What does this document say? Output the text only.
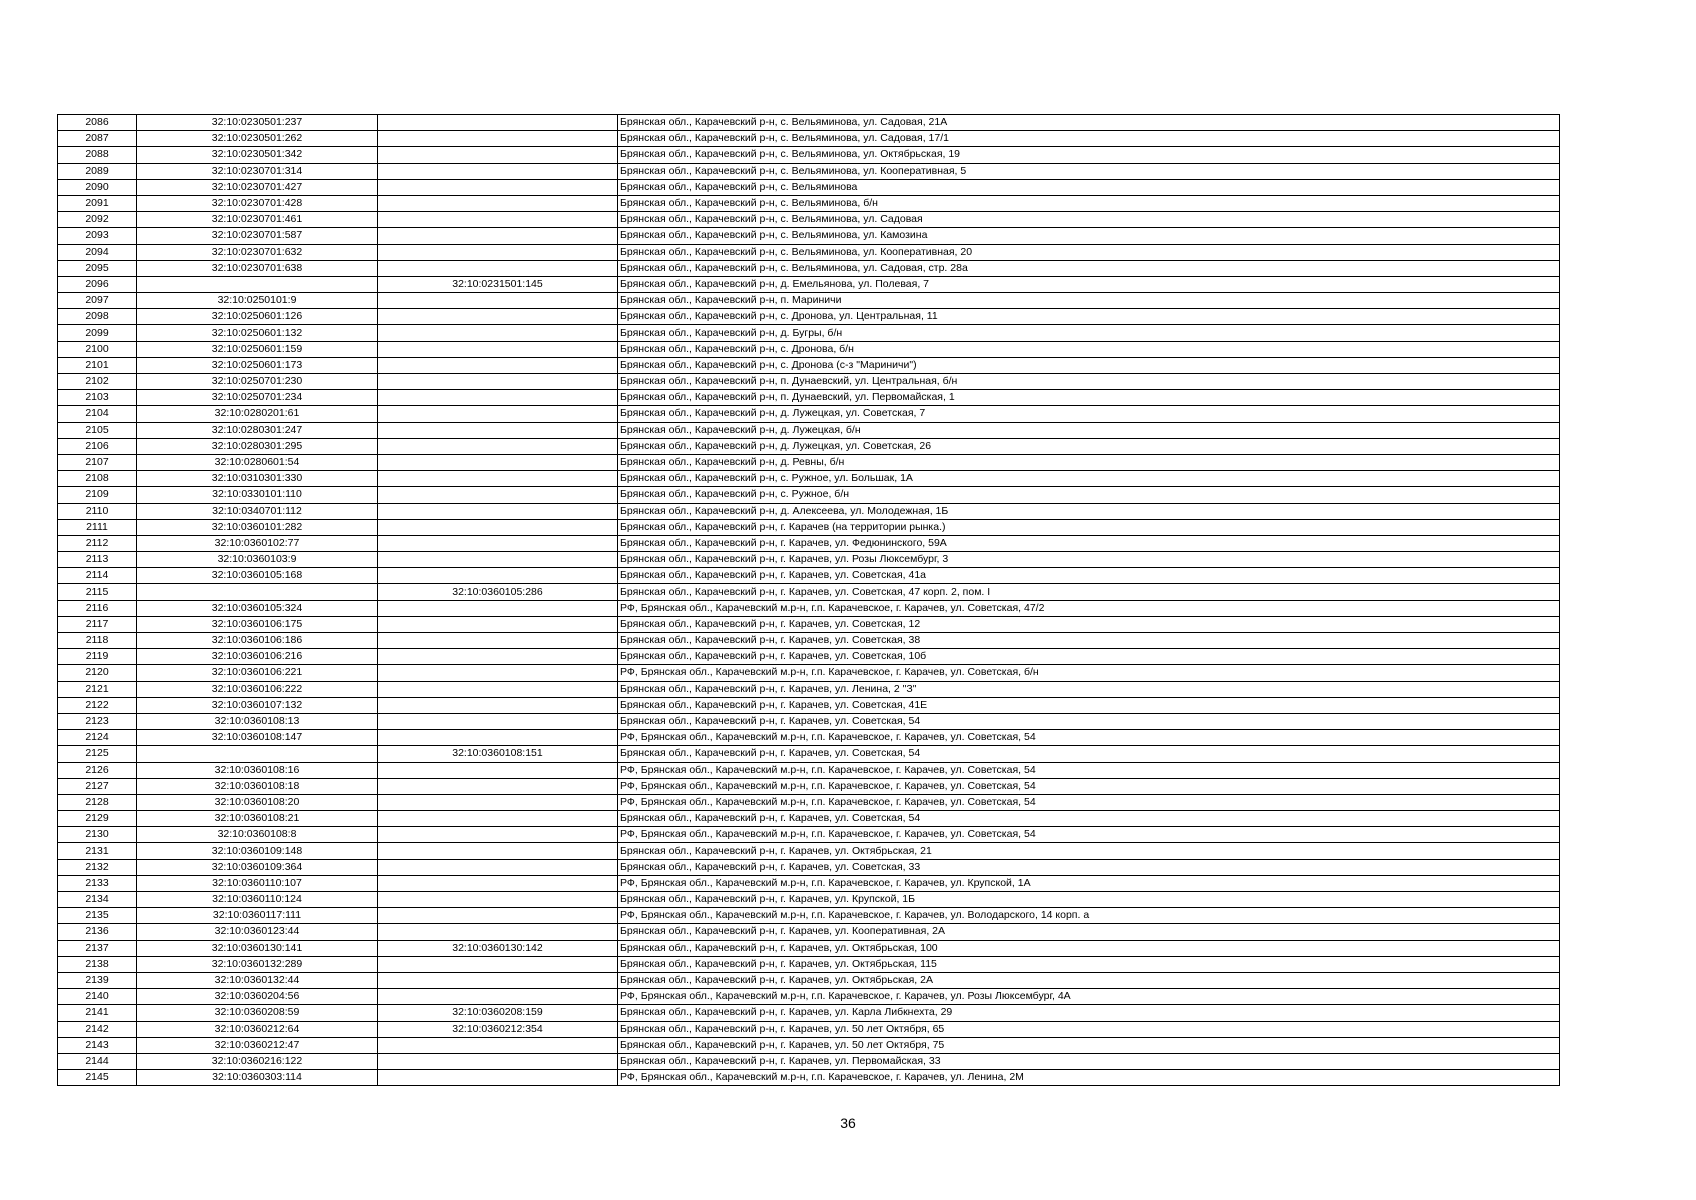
2086	32:10:0230501:237		Брянская обл., Карачевский р-н, с. Вельяминова, ул. Садовая, 21А
2087	32:10:0230501:262		Брянская обл., Карачевский р-н, с. Вельяминова, ул. Садовая, 17/1
2088	32:10:0230501:342		Брянская обл., Карачевский р-н, с. Вельяминова, ул. Октябрьская, 19
2089	32:10:0230701:314		Брянская обл., Карачевский р-н, с. Вельяминова, ул. Кооперативная, 5
2090	32:10:0230701:427		Брянская обл., Карачевский р-н, с. Вельяминова
2091	32:10:0230701:428		Брянская обл., Карачевский р-н, с. Вельяминова, б/н
2092	32:10:0230701:461		Брянская обл., Карачевский р-н, с. Вельяминова, ул. Садовая
2093	32:10:0230701:587		Брянская обл., Карачевский р-н, с. Вельяминова, ул. Камозина
2094	32:10:0230701:632		Брянская обл., Карачевский р-н, с. Вельяминова, ул. Кооперативная, 20
2095	32:10:0230701:638		Брянская обл., Карачевский р-н, с. Вельяминова, ул. Садовая, стр. 28а
2096		32:10:0231501:145	Брянская обл., Карачевский р-н, д. Емельянова, ул. Полевая, 7
2097	32:10:0250101:9		Брянская обл., Карачевский р-н, п. Мариничи
2098	32:10:0250601:126		Брянская обл., Карачевский р-н, с. Дронова, ул. Центральная, 11
2099	32:10:0250601:132		Брянская обл., Карачевский р-н, д. Бугры, б/н
2100	32:10:0250601:159		Брянская обл., Карачевский р-н, с. Дронова, б/н
2101	32:10:0250601:173		Брянская обл., Карачевский р-н, с. Дронова (с-з "Мариничи")
2102	32:10:0250701:230		Брянская обл., Карачевский р-н, п. Дунаевский, ул. Центральная, б/н
2103	32:10:0250701:234		Брянская обл., Карачевский р-н, п. Дунаевский, ул. Первомайская, 1
2104	32:10:0280201:61		Брянская обл., Карачевский р-н, д. Лужецкая, ул. Советская, 7
2105	32:10:0280301:247		Брянская обл., Карачевский р-н, д. Лужецкая, б/н
2106	32:10:0280301:295		Брянская обл., Карачевский р-н, д. Лужецкая, ул. Советская, 26
2107	32:10:0280601:54		Брянская обл., Карачевский р-н, д. Ревны, б/н
2108	32:10:0310301:330		Брянская обл., Карачевский р-н, с. Ружное, ул. Большак, 1А
2109	32:10:0330101:110		Брянская обл., Карачевский р-н, с. Ружное, б/н
2110	32:10:0340701:112		Брянская обл., Карачевский р-н, д. Алексеева, ул. Молодежная, 1Б
2111	32:10:0360101:282		Брянская обл., Карачевский р-н, г. Карачев (на территории рынка.)
2112	32:10:0360102:77		Брянская обл., Карачевский р-н, г. Карачев, ул. Федюнинского, 59А
2113	32:10:0360103:9		Брянская обл., Карачевский р-н, г. Карачев, ул. Розы Люксембург, 3
2114	32:10:0360105:168		Брянская обл., Карачевский р-н, г. Карачев, ул. Советская, 41а
2115		32:10:0360105:286	Брянская обл., Карачевский р-н, г. Карачев, ул. Советская, 47 корп. 2, пом. I
2116	32:10:0360105:324		РФ, Брянская обл., Карачевский м.р-н, г.п. Карачевское, г. Карачев, ул. Советская, 47/2
2117	32:10:0360106:175		Брянская обл., Карачевский р-н, г. Карачев, ул. Советская, 12
2118	32:10:0360106:186		Брянская обл., Карачевский р-н, г. Карачев, ул. Советская, 38
2119	32:10:0360106:216		Брянская обл., Карачевский р-н, г. Карачев, ул. Советская, 10б
2120	32:10:0360106:221		РФ, Брянская обл., Карачевский м.р-н, г.п. Карачевское, г. Карачев, ул. Советская, б/н
2121	32:10:0360106:222		Брянская обл., Карачевский р-н, г. Карачев, ул. Ленина, 2 "З"
2122	32:10:0360107:132		Брянская обл., Карачевский р-н, г. Карачев, ул. Советская, 41Е
2123	32:10:0360108:13		Брянская обл., Карачевский р-н, г. Карачев, ул. Советская, 54
2124	32:10:0360108:147		РФ, Брянская обл., Карачевский м.р-н, г.п. Карачевское, г. Карачев, ул. Советская, 54
2125		32:10:0360108:151	Брянская обл., Карачевский р-н, г. Карачев, ул. Советская, 54
2126	32:10:0360108:16		РФ, Брянская обл., Карачевский м.р-н, г.п. Карачевское, г. Карачев, ул. Советская, 54
2127	32:10:0360108:18		РФ, Брянская обл., Карачевский м.р-н, г.п. Карачевское, г. Карачев, ул. Советская, 54
2128	32:10:0360108:20		РФ, Брянская обл., Карачевский м.р-н, г.п. Карачевское, г. Карачев, ул. Советская, 54
2129	32:10:0360108:21		Брянская обл., Карачевский р-н, г. Карачев, ул. Советская, 54
2130	32:10:0360108:8		РФ, Брянская обл., Карачевский м.р-н, г.п. Карачевское, г. Карачев, ул. Советская, 54
2131	32:10:0360109:148		Брянская обл., Карачевский р-н, г. Карачев, ул. Октябрьская, 21
2132	32:10:0360109:364		Брянская обл., Карачевский р-н, г. Карачев, ул. Советская, 33
2133	32:10:0360110:107		РФ, Брянская обл., Карачевский м.р-н, г.п. Карачевское, г. Карачев, ул. Крупской, 1А
2134	32:10:0360110:124		Брянская обл., Карачевский р-н, г. Карачев, ул. Крупской, 1Б
2135	32:10:0360117:111		РФ, Брянская обл., Карачевский м.р-н, г.п. Карачевское, г. Карачев, ул. Володарского, 14 корп. а
2136	32:10:0360123:44		Брянская обл., Карачевский р-н, г. Карачев, ул. Кооперативная, 2А
2137	32:10:0360130:141	32:10:0360130:142	Брянская обл., Карачевский р-н, г. Карачев, ул. Октябрьская, 100
2138	32:10:0360132:289		Брянская обл., Карачевский р-н, г. Карачев, ул. Октябрьская, 115
2139	32:10:0360132:44		Брянская обл., Карачевский р-н, г. Карачев, ул. Октябрьская, 2А
2140	32:10:0360204:56		РФ, Брянская обл., Карачевский м.р-н, г.п. Карачевское, г. Карачев, ул. Розы Люксембург, 4А
2141	32:10:0360208:59	32:10:0360208:159	Брянская обл., Карачевский р-н, г. Карачев, ул. Карла Либкнехта, 29
2142	32:10:0360212:64	32:10:0360212:354	Брянская обл., Карачевский р-н, г. Карачев, ул. 50 лет Октября, 65
2143	32:10:0360212:47		Брянская обл., Карачевский р-н, г. Карачев, ул. 50 лет Октября, 75
2144	32:10:0360216:122		Брянская обл., Карачевский р-н, г. Карачев, ул. Первомайская, 33
2145	32:10:0360303:114		РФ, Брянская обл., Карачевский м.р-н, г.п. Карачевское, г. Карачев, ул. Ленина, 2М
36
